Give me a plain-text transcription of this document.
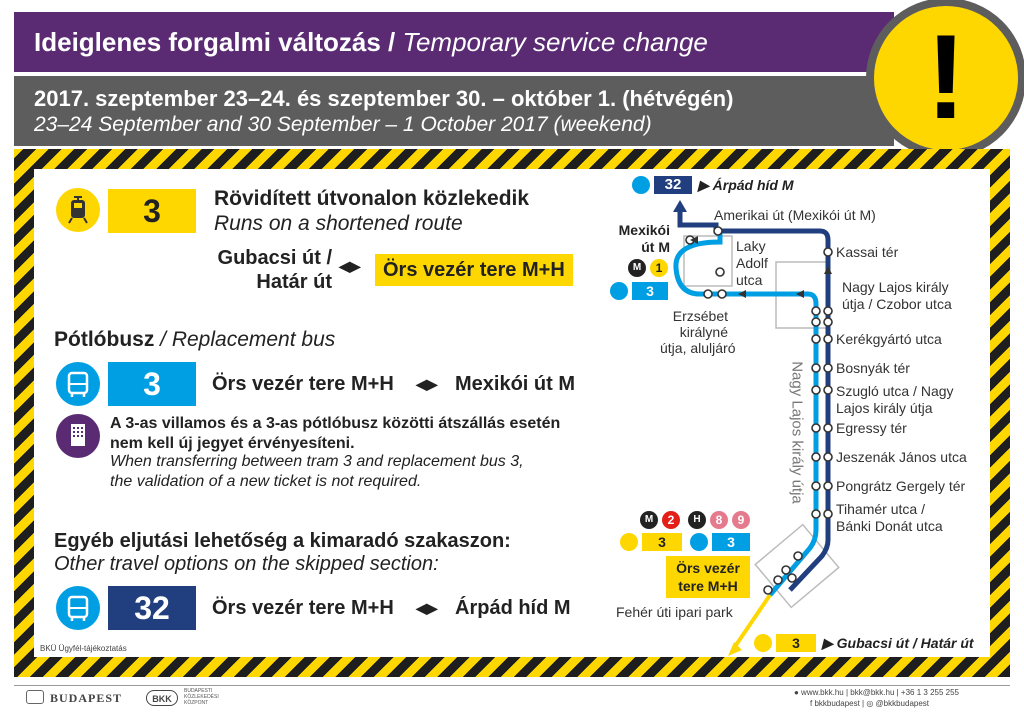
Ideiglenes forgalmi változás / Temporary service change
2017. szeptember 23–24. és szeptember 30. – október 1. (hétvégén)
23–24 September and 30 September – 1 October 2017 (weekend) !
3	Rövidített útvonalon közlekedik
Runs on a shortened route
Gubacsi út /
Határ út
◀▶	Örs vezér tere M+H
Pótlóbusz / Replacement bus
3	Örs vezér tere M+H ◀▶ Mexikói út M
A 3-as villamos és a 3-as pótlóbusz közötti átszállás esetén
nem kell új jegyet érvényesíteni.
When transferring between tram 3 and replacement bus 3,
the validation of a new ticket is not required.
Egyéb eljutási lehetőség a kimaradó szakaszon:
Other travel options on the skipped section:
32	Örs vezér tere M+H ◀▶ Árpád híd M
BKÜ Ügyfél-tájékoztatás
32	▶ Árpád híd M
Mexikói
út M
M	1
3
Amerikai út (Mexikói út M)
Laky
Adolf
utca
Kassai tér
Nagy Lajos király
útja / Czobor utca
Erzsébet
királyné
útja, aluljáró
Kerékgyártó utca
Bosnyák tér
Szugló utca / Nagy
Lajos király útja
Egressy tér
Jeszenák János utca
Pongrátz Gergely tér
Tihamér utca /
Bánki Donát utca
Nagy Lajos király útja
M	2	H	8	9
3	3
Örs vezér
tere M+H
Fehér úti ipari park
3	▶ Gubacsi út / Határ út
BUDAPEST	BKK
BUDAPESTI
KÖZLEKEDÉSI
KÖZPONT
● www.bkk.hu | bkk@bkk.hu | +36 1 3 255 255
f bkkbudapest | ◎ @bkkbudapest
